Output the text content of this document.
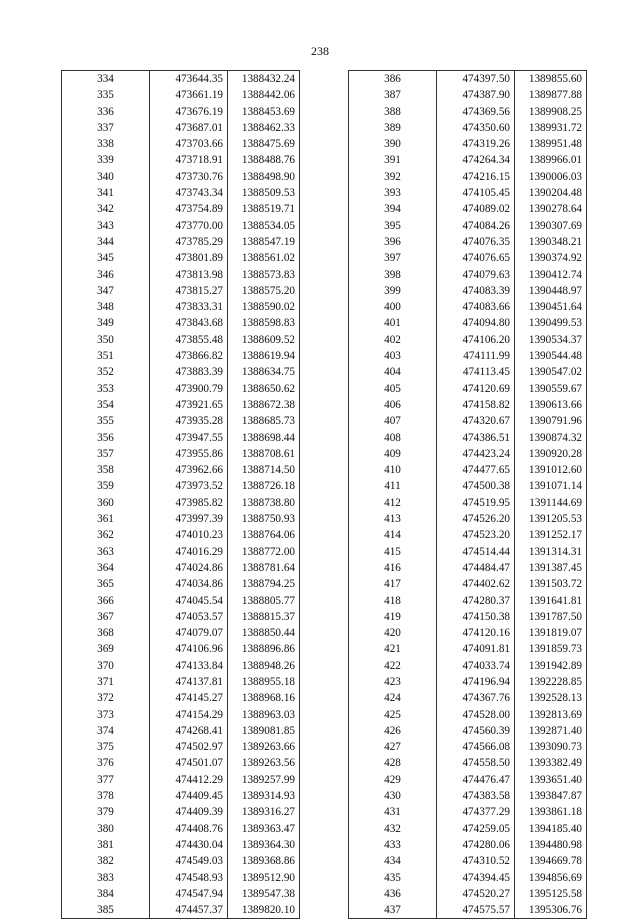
238
334	473644.35	1388432.24
335	473661.19	1388442.06
336	473676.19	1388453.69
337	473687.01	1388462.33
338	473703.66	1388475.69
339	473718.91	1388488.76
340	473730.76	1388498.90
341	473743.34	1388509.53
342	473754.89	1388519.71
343	473770.00	1388534.05
344	473785.29	1388547.19
345	473801.89	1388561.02
346	473813.98	1388573.83
347	473815.27	1388575.20
348	473833.31	1388590.02
349	473843.68	1388598.83
350	473855.48	1388609.52
351	473866.82	1388619.94
352	473883.39	1388634.75
353	473900.79	1388650.62
354	473921.65	1388672.38
355	473935.28	1388685.73
356	473947.55	1388698.44
357	473955.86	1388708.61
358	473962.66	1388714.50
359	473973.52	1388726.18
360	473985.82	1388738.80
361	473997.39	1388750.93
362	474010.23	1388764.06
363	474016.29	1388772.00
364	474024.86	1388781.64
365	474034.86	1388794.25
366	474045.54	1388805.77
367	474053.57	1388815.37
368	474079.07	1388850.44
369	474106.96	1388896.86
370	474133.84	1388948.26
371	474137.81	1388955.18
372	474145.27	1388968.16
373	474154.29	1388963.03
374	474268.41	1389081.85
375	474502.97	1389263.66
376	474501.07	1389263.56
377	474412.29	1389257.99
378	474409.45	1389314.93
379	474409.39	1389316.27
380	474408.76	1389363.47
381	474430.04	1389364.30
382	474549.03	1389368.86
383	474548.93	1389512.90
384	474547.94	1389547.38
385	474457.37	1389820.10
386	474397.50	1389855.60
387	474387.90	1389877.88
388	474369.56	1389908.25
389	474350.60	1389931.72
390	474319.26	1389951.48
391	474264.34	1389966.01
392	474216.15	1390006.03
393	474105.45	1390204.48
394	474089.02	1390278.64
395	474084.26	1390307.69
396	474076.35	1390348.21
397	474076.65	1390374.92
398	474079.63	1390412.74
399	474083.39	1390448.97
400	474083.66	1390451.64
401	474094.80	1390499.53
402	474106.20	1390534.37
403	474111.99	1390544.48
404	474113.45	1390547.02
405	474120.69	1390559.67
406	474158.82	1390613.66
407	474320.67	1390791.96
408	474386.51	1390874.32
409	474423.24	1390920.28
410	474477.65	1391012.60
411	474500.38	1391071.14
412	474519.95	1391144.69
413	474526.20	1391205.53
414	474523.20	1391252.17
415	474514.44	1391314.31
416	474484.47	1391387.45
417	474402.62	1391503.72
418	474280.37	1391641.81
419	474150.38	1391787.50
420	474120.16	1391819.07
421	474091.81	1391859.73
422	474033.74	1391942.89
423	474196.94	1392228.85
424	474367.76	1392528.13
425	474528.00	1392813.69
426	474560.39	1392871.40
427	474566.08	1393090.73
428	474558.50	1393382.49
429	474476.47	1393651.40
430	474383.58	1393847.87
431	474377.29	1393861.18
432	474259.05	1394185.40
433	474280.06	1394480.98
434	474310.52	1394669.78
435	474394.45	1394856.69
436	474520.27	1395125.58
437	474575.57	1395306.76
